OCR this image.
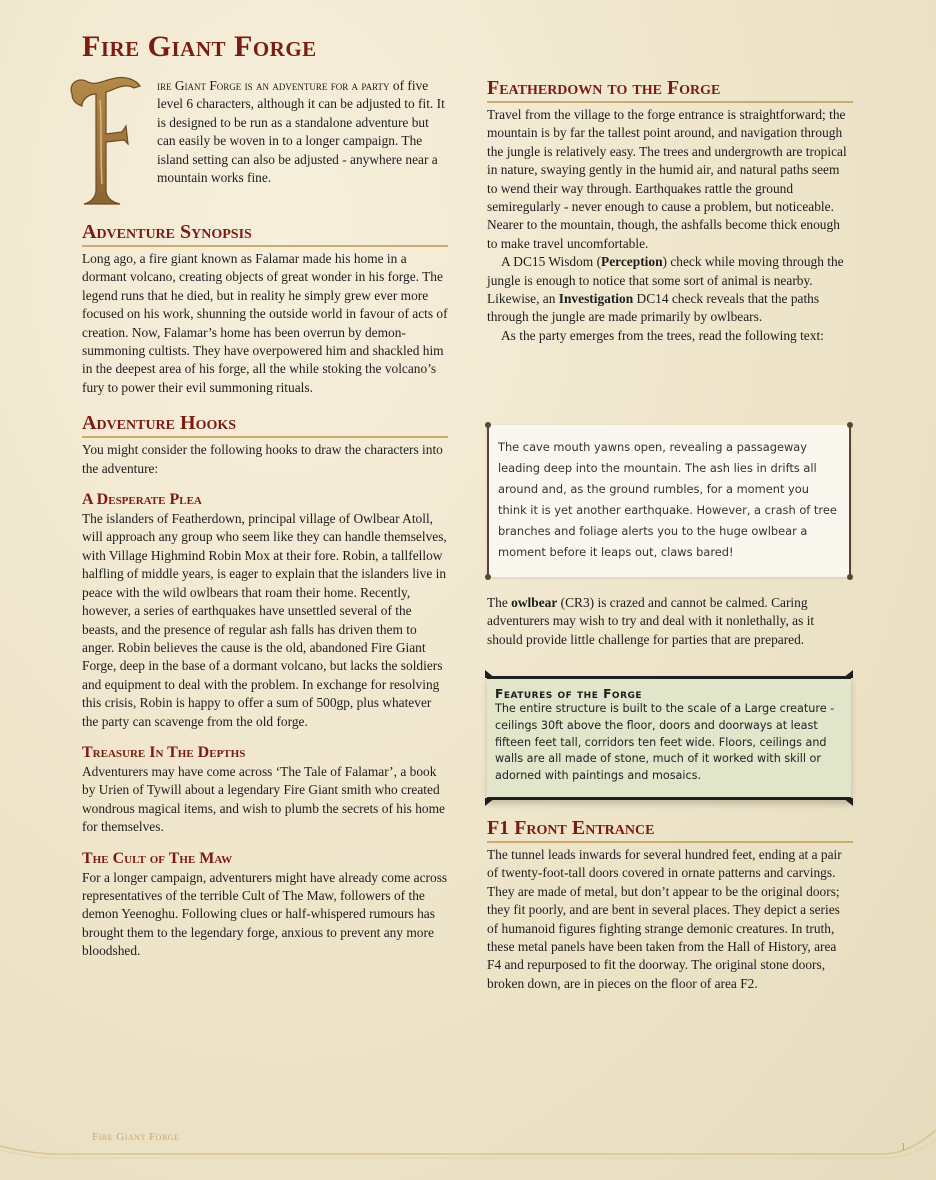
Fire Giant Forge
F

ire Giant Forge is an adventure for a party of five level 6 characters, although it can be adjusted to fit. It is designed to be run as a standalone adventure but can easily be woven in to a longer campaign. The island setting can also be adjusted - anywhere near a mountain works fine.

Adventure Synopsis

Long ago, a fire giant known as Falamar made his home in a dormant volcano, creating objects of great wonder in his forge. The legend runs that he died, but in reality he simply grew ever more focused on his work, shunning the outside world in favour of acts of creation. Now, Falamar’s home has been overrun by demon-summoning cultists. They have overpowered him and shackled him in the deepest area of his forge, all the while stoking the volcano’s fury to power their evil summoning rituals.

Adventure Hooks

You might consider the following hooks to draw the characters into the adventure:

A Desperate Plea

The islanders of Featherdown, principal village of Owlbear Atoll, will approach any group who seem like they can handle themselves, with Village Highmind Robin Mox at their fore. Robin, a tallfellow halfling of middle years, is eager to explain that the islanders live in peace with the wild owlbears that roam their home. Recently, however, a series of earthquakes have unsettled several of the beasts, and the presence of regular ash falls has driven them to anger. Robin believes the cause is the old, abandoned Fire Giant Forge, deep in the base of a dormant volcano, but lacks the soldiers and equipment to deal with the problem. In exchange for resolving this crisis, Robin is happy to offer a sum of 500gp, plus whatever the party can scavenge from the old forge.

Treasure In The Depths

Adventurers may have come across ‘The Tale of Falamar’, a book by Urien of Tywill about a legendary Fire Giant smith who created wondrous magical items, and wish to plumb the secrets of his home for themselves.

The Cult of The Maw

For a longer campaign, adventurers might have already come across representatives of the terrible Cult of The Maw, followers of the demon Yeenoghu. Following clues or half-whispered rumours has brought them to the legendary forge, anxious to prevent any more bloodshed.

Featherdown to the Forge

Travel from the village to the forge entrance is straightforward; the mountain is by far the tallest point around, and navigation through the jungle is relatively easy. The trees and undergrowth are tropical in nature, swaying gently in the humid air, and natural paths seem to wend their way through. Earthquakes rattle the ground semiregularly - never enough to cause a problem, but noticeable. Nearer to the mountain, though, the ashfalls become thick enough to make travel uncomfortable.

A DC15 Wisdom (Perception) check while moving through the jungle is enough to notice that some sort of animal is nearby. Likewise, an Investigation DC14 check reveals that the paths through the jungle are made primarily by owlbears.

As the party emerges from the trees, read the following text:

The cave mouth yawns open, revealing a passageway leading deep into the mountain. The ash lies in drifts all around and, as the ground rumbles, for a moment you think it is yet another earthquake. However, a crash of tree branches and foliage alerts you to the huge owlbear a moment before it leaps out, claws bared!

The owlbear (CR3) is crazed and cannot be calmed. Caring adventurers may wish to try and deal with it nonlethally, as it should provide little challenge for parties that are prepared.

Features of the Forge

The entire structure is built to the scale of a Large creature - ceilings 30ft above the floor, doors and doorways at least fifteen feet tall, corridors ten feet wide. Floors, ceilings and walls are all made of stone, much of it worked with skill or adorned with paintings and mosaics.

F1 Front Entrance

The tunnel leads inwards for several hundred feet, ending at a pair of twenty-foot-tall doors covered in ornate patterns and carvings. They are made of metal, but don’t appear to be the original doors; they fit poorly, and are bent in several places. They depict a series of humanoid figures fighting strange demonic creatures. In truth, these metal panels have been taken from the Hall of History, area F4 and repurposed to fit the doorway. The original stone doors, broken down, are in pieces on the floor of area F2.

Fire Giant Forge
1
